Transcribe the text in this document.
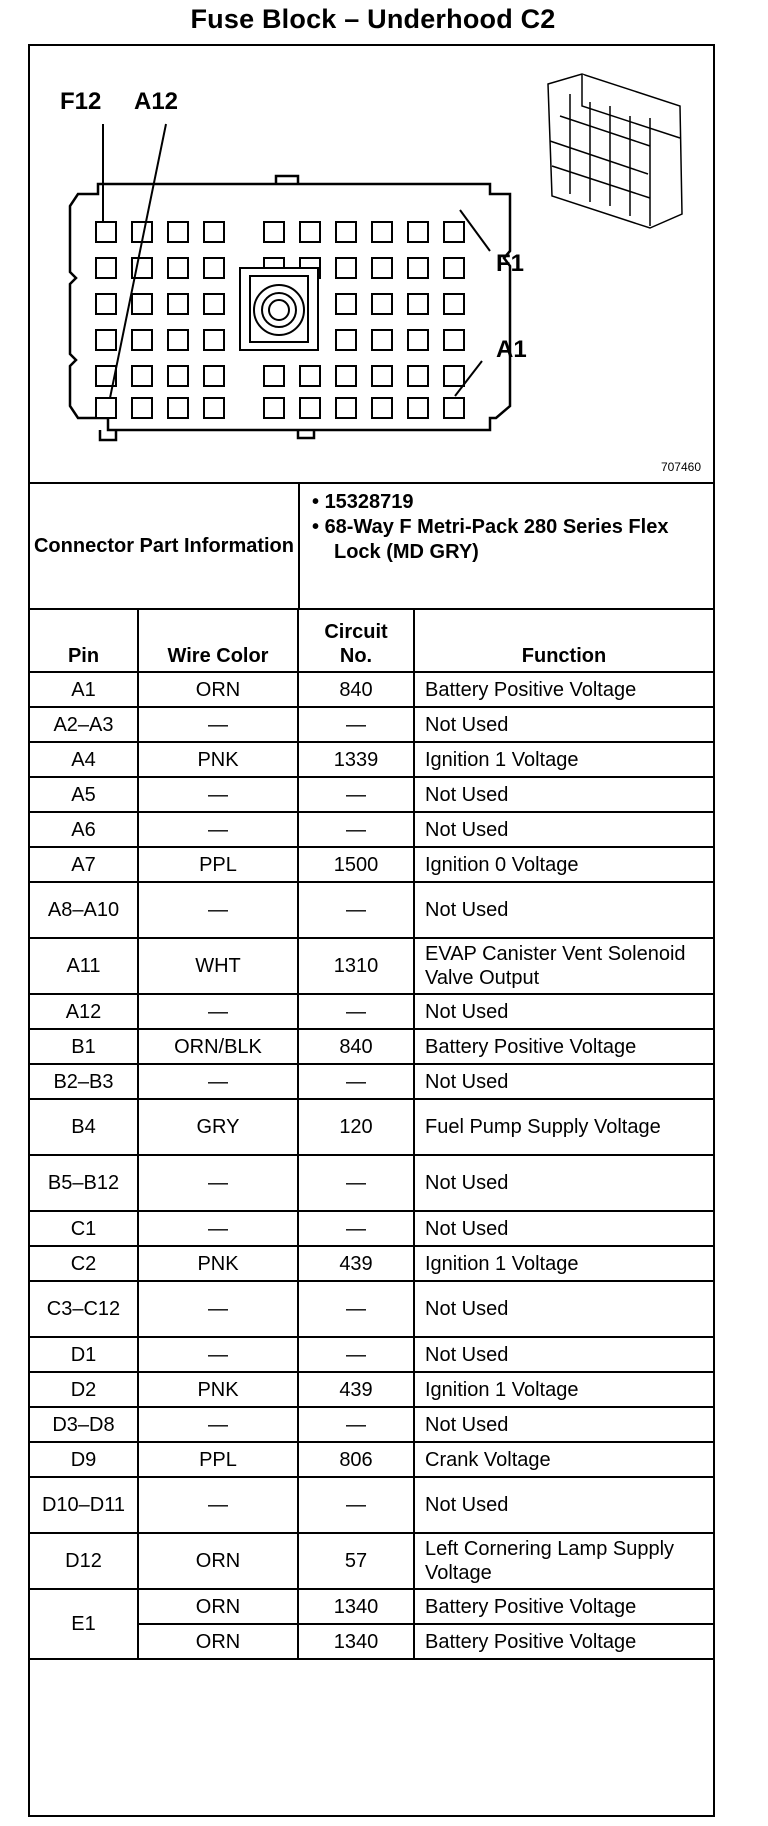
Fuse Block – Underhood C2
F12 A12
F1
A1
707460
Connector Part Information
• 15328719
• 68-Way F Metri-Pack 280 Series Flex Lock (MD GRY)
Pin	Wire Color	Circuit No.	Function
A1	ORN	840	Battery Positive Voltage
A2–A3	—	—	Not Used
A4	PNK	1339	Ignition 1 Voltage
A5	—	—	Not Used
A6	—	—	Not Used
A7	PPL	1500	Ignition 0 Voltage
A8–A10	—	—	Not Used
A11	WHT	1310	EVAP Canister Vent Solenoid Valve Output
A12	—	—	Not Used
B1	ORN/BLK	840	Battery Positive Voltage
B2–B3	—	—	Not Used
B4	GRY	120	Fuel Pump Supply Voltage
B5–B12	—	—	Not Used
C1	—	—	Not Used
C2	PNK	439	Ignition 1 Voltage
C3–C12	—	—	Not Used
D1	—	—	Not Used
D2	PNK	439	Ignition 1 Voltage
D3–D8	—	—	Not Used
D9	PPL	806	Crank Voltage
D10–D11	—	—	Not Used
D12	ORN	57	Left Cornering Lamp Supply Voltage
E1	ORN	1340	Battery Positive Voltage
	ORN	1340	Battery Positive Voltage
